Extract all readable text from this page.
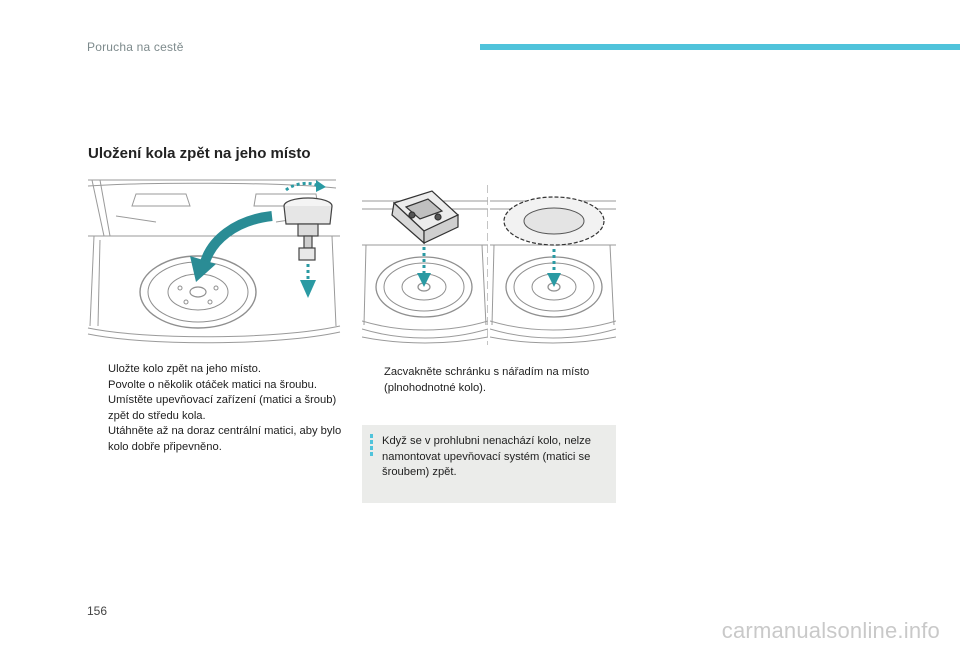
Porucha na cestě
Uložení kola zpět na jeho místo
Uložte kolo zpět na jeho místo.
Povolte o několik otáček matici na šroubu.
Umístěte upevňovací zařízení (matici a šroub) zpět do středu kola.
Utáhněte až na doraz centrální matici, aby bylo kolo dobře připevněno.
Zacvakněte schránku s nářadím na místo (plnohodnotné kolo).
Když se v prohlubni nenachází kolo, nelze namontovat upevňovací systém (matici se šroubem) zpět.
156
carmanualsonline.info
